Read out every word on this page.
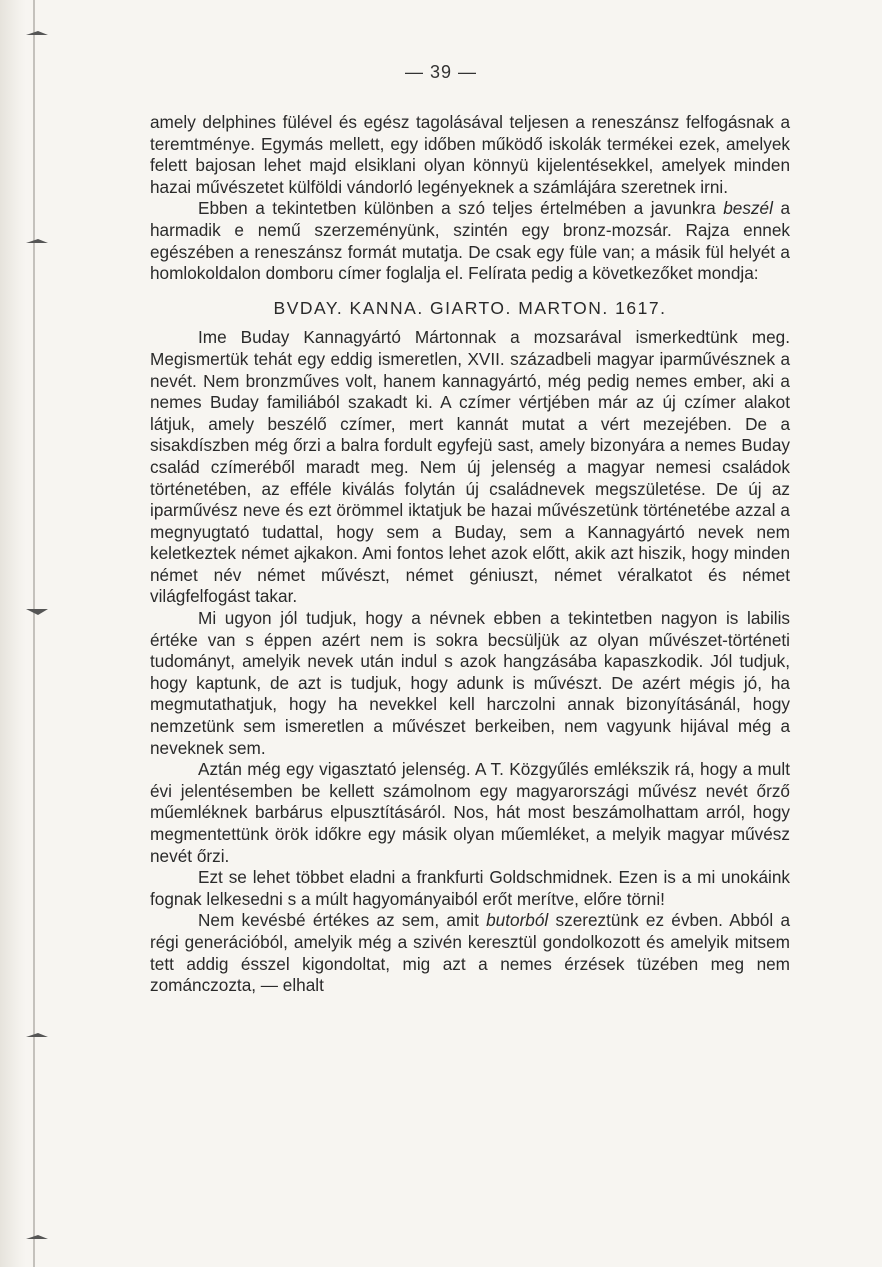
— 39 —

amely delphines fülével és egész tagolásával teljesen a reneszánsz felfogásnak a teremtménye. Egymás mellett, egy időben működő iskolák termékei ezek, amelyek felett bajosan lehet majd elsiklani olyan könnyü kijelentésekkel, amelyek minden hazai művészetet külföldi vándorló legényeknek a számlájára szeretnek irni.

Ebben a tekintetben különben a szó teljes értelmében a javunkra beszél a harmadik e nemű szerzeményünk, szintén egy bronz-mozsár. Rajza ennek egészében a reneszánsz formát mutatja. De csak egy füle van; a másik fül helyét a homlokoldalon domboru címer foglalja el. Felírata pedig a következőket mondja:

BVDAY. KANNA. GIARTO. MARTON. 1617.

Ime Buday Kannagyártó Mártonnak a mozsarával ismerkedtünk meg. Megismertük tehát egy eddig ismeretlen, XVII. századbeli magyar iparművésznek a nevét. Nem bronzműves volt, hanem kannagyártó, még pedig nemes ember, aki a nemes Buday familiából szakadt ki. A czímer vértjében már az új czímer alakot látjuk, amely beszélő czímer, mert kannát mutat a vért mezejében. De a sisakdíszben még őrzi a balra fordult egyfejü sast, amely bizonyára a nemes Buday család czímeréből maradt meg. Nem új jelenség a magyar nemesi családok történetében, az efféle kiválás folytán új családnevek megszületése. De új az iparművész neve és ezt örömmel iktatjuk be hazai művészetünk történetébe azzal a megnyugtató tudattal, hogy sem a Buday, sem a Kannagyártó nevek nem keletkeztek német ajkakon. Ami fontos lehet azok előtt, akik azt hiszik, hogy minden német név német művészt, német géniuszt, német véralkatot és német világfelfogást takar.

Mi ugyon jól tudjuk, hogy a névnek ebben a tekintetben nagyon is labilis értéke van s éppen azért nem is sokra becsüljük az olyan művészet-történeti tudományt, amelyik nevek után indul s azok hangzásába kapaszkodik. Jól tudjuk, hogy kaptunk, de azt is tudjuk, hogy adunk is művészt. De azért mégis jó, ha megmutathatjuk, hogy ha nevekkel kell harczolni annak bizonyításánál, hogy nemzetünk sem ismeretlen a művészet berkeiben, nem vagyunk hijával még a neveknek sem.

Aztán még egy vigasztató jelenség. A T. Közgyűlés emlékszik rá, hogy a mult évi jelentésemben be kellett számolnom egy magyarországi művész nevét őrző műemléknek barbárus elpusztításáról. Nos, hát most beszámolhattam arról, hogy megmentettünk örök időkre egy másik olyan műemléket, a melyik magyar művész nevét őrzi.

Ezt se lehet többet eladni a frankfurti Goldschmidnek. Ezen is a mi unokáink fognak lelkesedni s a múlt hagyományaiból erőt merítve, előre törni!

Nem kevésbé értékes az sem, amit butorból szereztünk ez évben. Abból a régi generációból, amelyik még a szivén keresztül gondolkozott és amelyik mitsem tett addig ésszel kigondoltat, mig azt a nemes érzések tüzében meg nem zománczozta, — elhalt
